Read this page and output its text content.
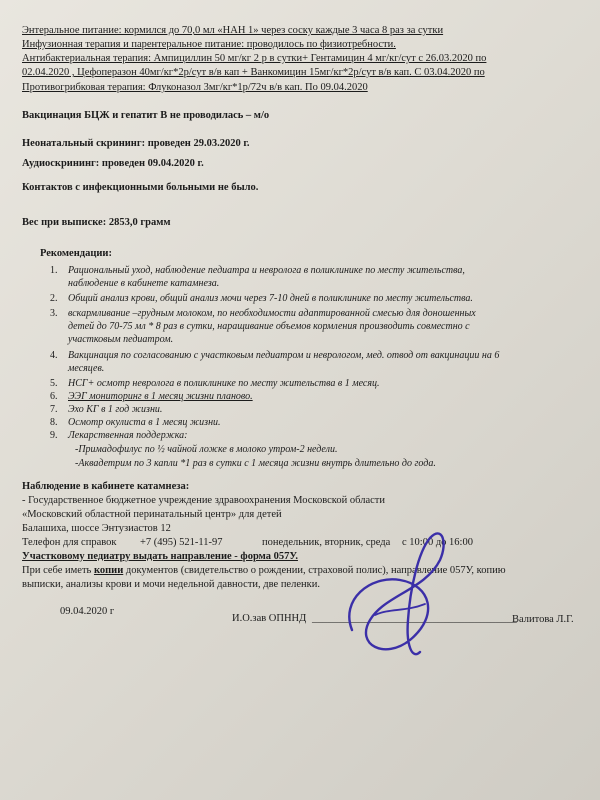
Энтеральное питание: кормился до 70,0 мл «НАН 1» через соску каждые 3 часа 8 раз за сутки
Инфузионная терапия и парентеральное питание: проводилось по физиотребности.
Антибактериальная терапия: Ампициллин 50 мг/кг 2 р в сутки+ Гентамицин 4 мг/кг/сут с 26.03.2020 по
02.04.2020 , Цефоперазон 40мг/кг*2р/сут в/в кап + Ванкомицин 15мг/кг*2р/сут в/в кап. С 03.04.2020 по
Противогрибковая терапия: Флуконазол 3мг/кг*1р/72ч в/в кап. По 09.04.2020
Вакцинация БЦЖ и гепатит В не проводилась – м/о
Неонатальный скрининг: проведен 29.03.2020 г.
Аудиоскрининг: проведен 09.04.2020 г.
Контактов с инфекционными больными не было.
Вес при выписке: 2853,0 грамм
Рекомендации:
1. Рациональный уход, наблюдение педиатра и невролога в поликлинике по месту жительства,
наблюдение в кабинете катамнеза.
2. Общий анализ крови, общий анализ мочи через 7-10 дней в поликлинике по месту жительства.
3. вскармливание –грудным молоком, по необходимости адаптированной смесью для доношенных
детей до 70-75 мл * 8 раз в сутки, наращивание объемов кормления производить совместно с
участковым педиатром.
4. Вакцинация по согласованию с участковым педиатром и неврологом, мед. отвод от вакцинации на 6
месяцев.
5. НСГ+ осмотр невролога в поликлинике по месту жительства в 1 месяц.
6. ЭЭГ мониторинг в 1 месяц жизни планово.
7. Эхо КГ в 1 год жизни.
8. Осмотр окулиста в 1 месяц жизни.
9. Лекарственная поддержка:
-Примадофилус по ½ чайной ложке в молоко утром-2 недели.
-Аквадетрим по 3 капли *1 раз в сутки с 1 месяца жизни внутрь длительно до года.
Наблюдение в кабинете катамнеза:
- Государственное бюджетное учреждение здравоохранения Московской области
«Московский областной перинатальный центр» для детей
Балашиха, шоссе Энтузиастов 12
Телефон для справок +7 (495) 521-11-97	понедельник, вторник, среда с 10:00 до 16:00
Участковому педиатру выдать направление - форма 057У.
При себе иметь копии документов (свидетельство о рождении, страховой полис), направление 057У, копию
выписки, анализы крови и мочи недельной давности, две пеленки.
09.04.2020 г
И.О.зав ОПННД _______________________________________
Валитова Л.Г.
